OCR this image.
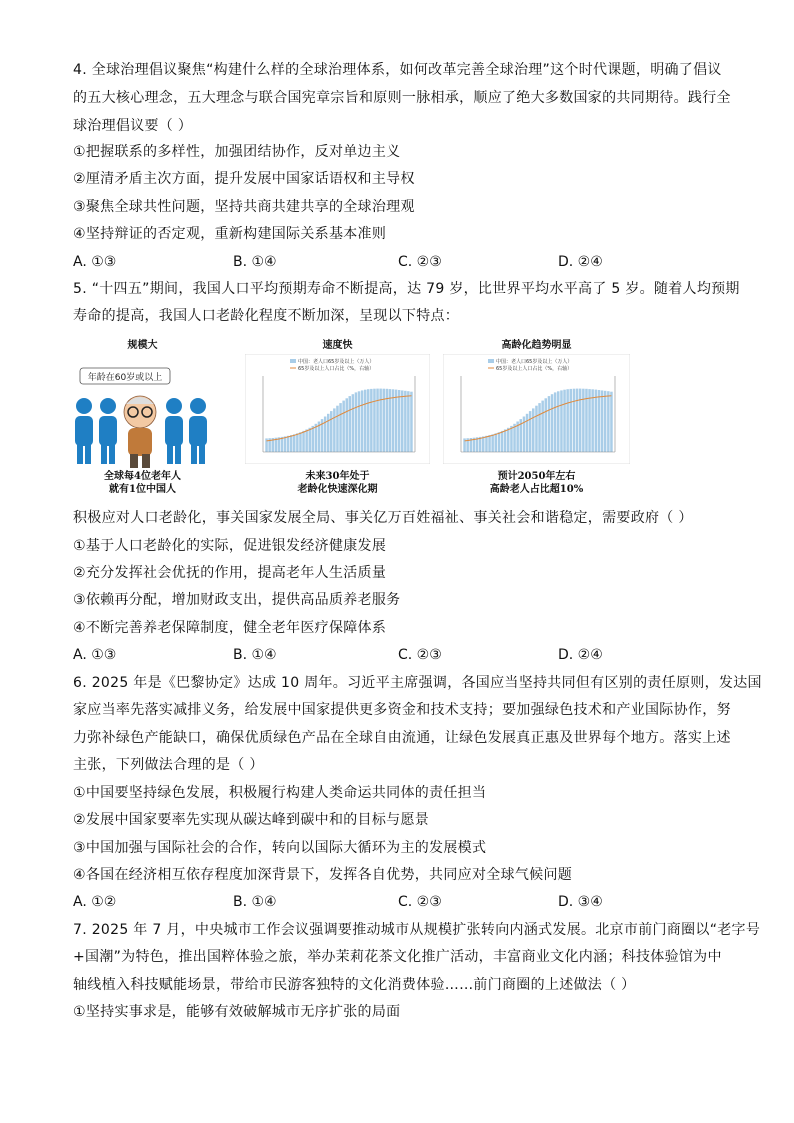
4. 全球治理倡议聚焦“构建什么样的全球治理体系，如何改革完善全球治理”这个时代课题，明确了倡议
的五大核心理念，五大理念与联合国宪章宗旨和原则一脉相承，顺应了绝大多数国家的共同期待。践行全
球治理倡议要（ ）
①把握联系的多样性，加强团结协作，反对单边主义
②厘清矛盾主次方面，提升发展中国家话语权和主导权
③聚焦全球共性问题，坚持共商共建共享的全球治理观
④坚持辩证的否定观，重新构建国际关系基本准则
A. ①③	B. ①④	C. ②③	D. ②④
5. “十四五”期间，我国人口平均预期寿命不断提高，达 79 岁，比世界平均水平高了 5 岁。随着人均预期
寿命的提高，我国人口老龄化程度不断加深，呈现以下特点：
规模大
年龄在60岁或以上
全球每4位老年人
就有1位中国人
速度快
中国：老人口65岁及以上（万人）
65岁及以上人口占比（%，右轴）
未来30年处于
老龄化快速深化期
高龄化趋势明显
中国：老人口65岁及以上（万人）
65岁及以上人口占比（%，右轴）
预计2050年左右
高龄老人占比超10%
积极应对人口老龄化，事关国家发展全局、事关亿万百姓福祉、事关社会和谐稳定，需要政府（ ）
①基于人口老龄化的实际，促进银发经济健康发展
②充分发挥社会优抚的作用，提高老年人生活质量
③依赖再分配，增加财政支出，提供高品质养老服务
④不断完善养老保障制度，健全老年医疗保障体系
A. ①③	B. ①④	C. ②③	D. ②④
6. 2025 年是《巴黎协定》达成 10 周年。习近平主席强调，各国应当坚持共同但有区别的责任原则，发达国
家应当率先落实减排义务，给发展中国家提供更多资金和技术支持；要加强绿色技术和产业国际协作，努
力弥补绿色产能缺口，确保优质绿色产品在全球自由流通，让绿色发展真正惠及世界每个地方。落实上述
主张，下列做法合理的是（ ）
①中国要坚持绿色发展，积极履行构建人类命运共同体的责任担当
②发展中国家要率先实现从碳达峰到碳中和的目标与愿景
③中国加强与国际社会的合作，转向以国际大循环为主的发展模式
④各国在经济相互依存程度加深背景下，发挥各自优势，共同应对全球气候问题
A. ①②	B. ①④	C. ②③	D. ③④
7. 2025 年 7 月，中央城市工作会议强调要推动城市从规模扩张转向内涵式发展。北京市前门商圈以“老字号
+国潮”为特色，推出国粹体验之旅，举办茉莉花茶文化推广活动，丰富商业文化内涵；科技体验馆为中
轴线植入科技赋能场景，带给市民游客独特的文化消费体验……前门商圈的上述做法（ ）
①坚持实事求是，能够有效破解城市无序扩张的局面
